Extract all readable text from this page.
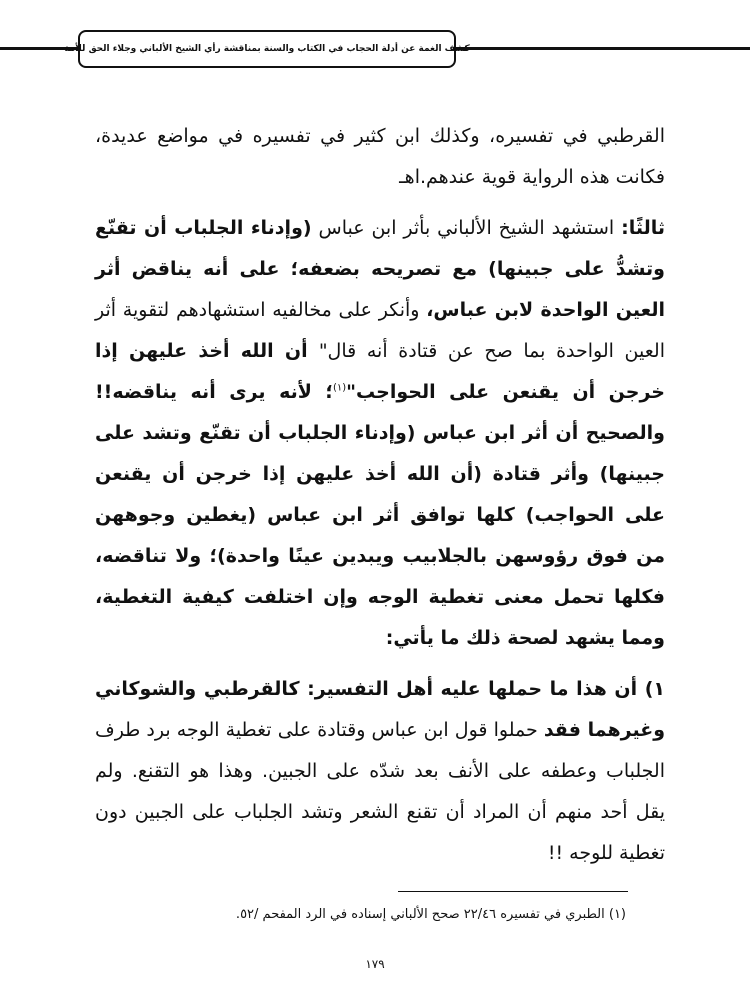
كشف الغمة عن أدلة الحجاب في الكتاب والسنة بمناقشة رأي الشيخ الألباني وجلاء الحق للأمة

القرطبي في تفسيره، وكذلك ابن كثير في تفسيره في مواضع عديدة، فكانت هذه الرواية قوية عندهم.اهـ

ثالثًا: استشهد الشيخ الألباني بأثر ابن عباس (وإدناء الجلباب أن تقنّع وتشدُّ على جبينها) مع تصريحه بضعفه؛ على أنه يناقض أثر العين الواحدة لابن عباس، وأنكر على مخالفيه استشهادهم لتقوية أثر العين الواحدة بما صح عن قتادة أنه قال" أن الله أخذ عليهن إذا خرجن أن يقنعن على الحواجب"$^{(١)}$؛ لأنه يرى أنه يناقضه!! والصحيح أن أثر ابن عباس (وإدناء الجلباب أن تقنّع وتشد على جبينها) وأثر قتادة (أن الله أخذ عليهن إذا خرجن أن يقنعن على الحواجب) كلها توافق أثر ابن عباس (يغطين وجوههن من فوق رؤوسهن بالجلابيب ويبدين عينًا واحدة)؛ ولا تناقضه، فكلها تحمل معنى تغطية الوجه وإن اختلفت كيفية التغطية، ومما يشهد لصحة ذلك ما يأتي:

١) أن هذا ما حملها عليه أهل التفسير: كالقرطبي والشوكاني وغيرهما فقد حملوا قول ابن عباس وقتادة على تغطية الوجه برد طرف الجلباب وعطفه على الأنف بعد شدّه على الجبين. وهذا هو التقنع. ولم يقل أحد منهم أن المراد أن تقنع الشعر وتشد الجلباب على الجبين دون تغطية للوجه !!

(١) الطبري في تفسيره ٢٢/٤٦ صحح الألباني إسناده في الرد المفحم /٥٢.
١٧٩
